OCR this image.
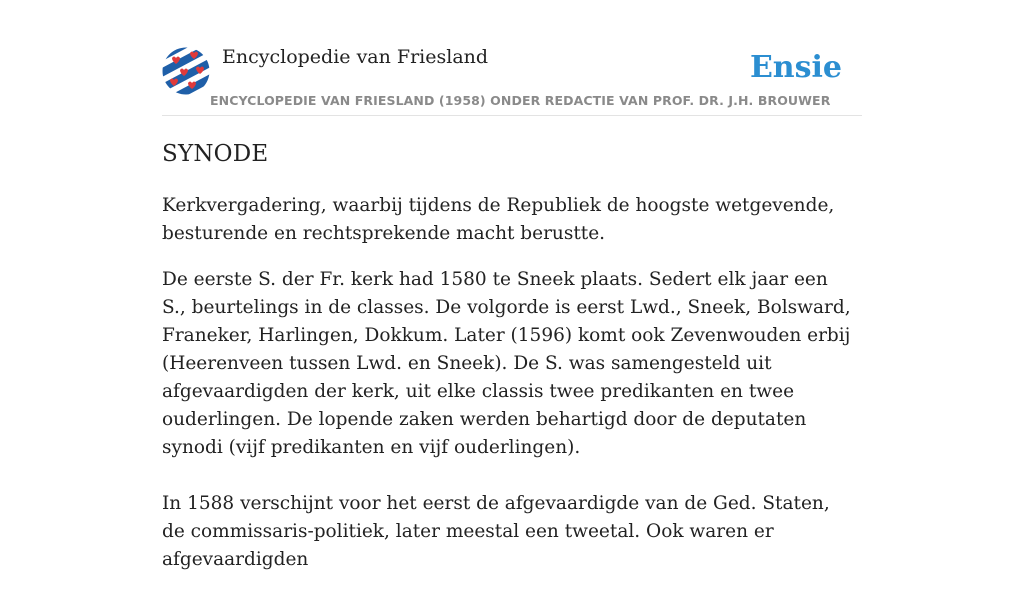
Encyclopedie van Friesland
ENCYCLOPEDIE VAN FRIESLAND (1958) ONDER REDACTIE VAN PROF. DR. J.H. BROUWER
Ensie
SYNODE

Kerkvergadering, waarbij tijdens de Republiek de hoogste wetgevende, besturende en rechtsprekende macht berustte.

De eerste S. der Fr. kerk had 1580 te Sneek plaats. Sedert elk jaar een S., beurtelings in de classes. De volgorde is eerst Lwd., Sneek, Bolsward, Franeker, Harlingen, Dokkum. Later (1596) komt ook Zevenwouden erbij (Heerenveen tussen Lwd. en Sneek). De S. was samengesteld uit afgevaardigden der kerk, uit elke classis twee predikanten en twee ouderlingen. De lopende zaken werden behartigd door de deputaten synodi (vijf predikanten en vijf ouderlingen).

In 1588 verschijnt voor het eerst de afgevaardigde van de Ged. Staten, de commissaris-politiek, later meestal een tweetal. Ook waren er afgevaardigden
